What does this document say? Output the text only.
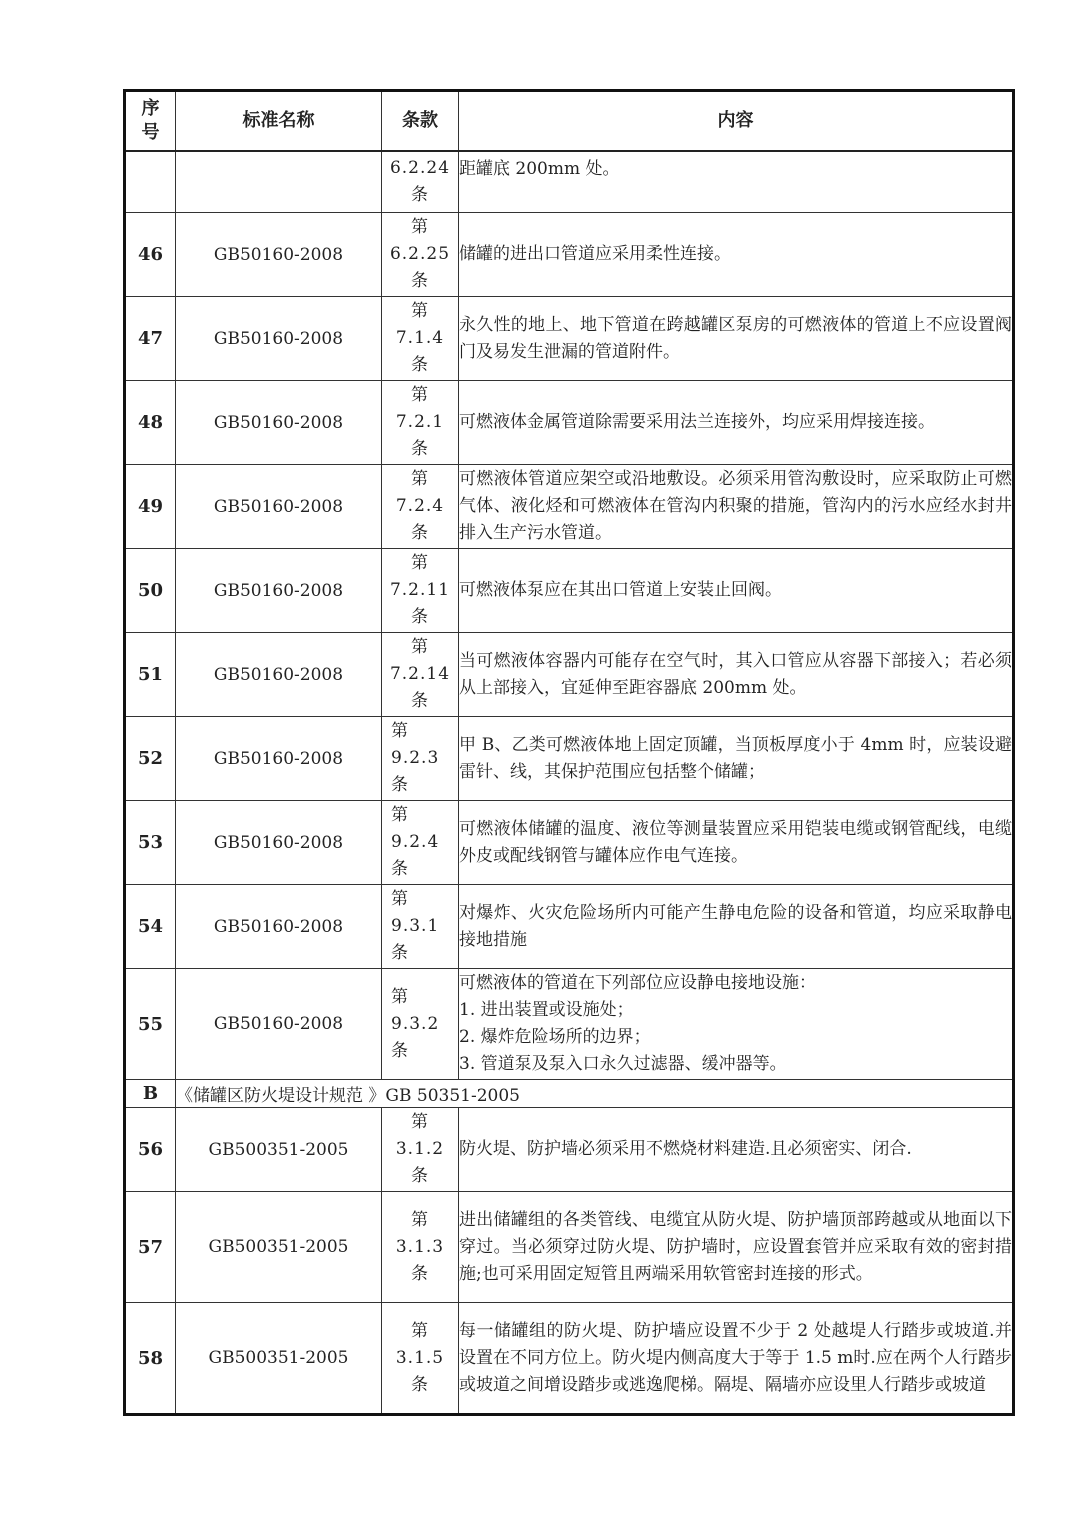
序号	标准名称	条款	内容

		6.2.24
条	距罐底 200mm 处。
46	GB50160-2008	第
6.2.25
条	储罐的进出口管道应采用柔性连接。
47	GB50160-2008	第
7.1.4
条	永久性的地上、地下管道在跨越罐区泵房的可燃液体的管道上不应设置阀门及易发生泄漏的管道附件。
48	GB50160-2008	第
7.2.1
条	可燃液体金属管道除需要采用法兰连接外，均应采用焊接连接。
49	GB50160-2008	第
7.2.4
条	可燃液体管道应架空或沿地敷设。必须采用管沟敷设时，应采取防止可燃气体、液化烃和可燃液体在管沟内积聚的措施，管沟内的污水应经水封井排入生产污水管道。
50	GB50160-2008	第
7.2.11
条	可燃液体泵应在其出口管道上安装止回阀。
51	GB50160-2008	第
7.2.14
条	当可燃液体容器内可能存在空气时，其入口管应从容器下部接入；若必须从上部接入，宜延伸至距容器底 200mm 处。
52	GB50160-2008	第
9.2.3
条	甲 B、乙类可燃液体地上固定顶罐，当顶板厚度小于 4mm 时，应装设避雷针、线，其保护范围应包括整个储罐；
53	GB50160-2008	第
9.2.4
条	可燃液体储罐的温度、液位等测量装置应采用铠装电缆或钢管配线，电缆外皮或配线钢管与罐体应作电气连接。
54	GB50160-2008	第
9.3.1
条	对爆炸、火灾危险场所内可能产生静电危险的设备和管道，均应采取静电接地措施
55	GB50160-2008	第
9.3.2
条	可燃液体的管道在下列部位应设静电接地设施：
1. 进出装置或设施处；
2. 爆炸危险场所的边界；
3. 管道泵及泵入口永久过滤器、缓冲器等。

B	《储罐区防火堤设计规范 》GB 50351-2005		
56	GB500351-2005	第
3.1.2
条	防火堤、防护墙必须采用不燃烧材料建造.且必须密实、闭合.
57	GB500351-2005	第
3.1.3
条	进出储罐组的各类管线、电缆宜从防火堤、防护墙顶部跨越或从地面以下穿过。当必须穿过防火堤、防护墙时，应设置套管并应采取有效的密封措施;也可采用固定短管且两端采用软管密封连接的形式。
58	GB500351-2005	第
3.1.5
条	每一储罐组的防火堤、防护墙应设置不少于 2 处越堤人行踏步或坡道.并设置在不同方位上。防火堤内侧高度大于等于 1.5 m时.应在两个人行踏步或坡道之间增设踏步或逃逸爬梯。隔堤、隔墙亦应设里人行踏步或坡道
